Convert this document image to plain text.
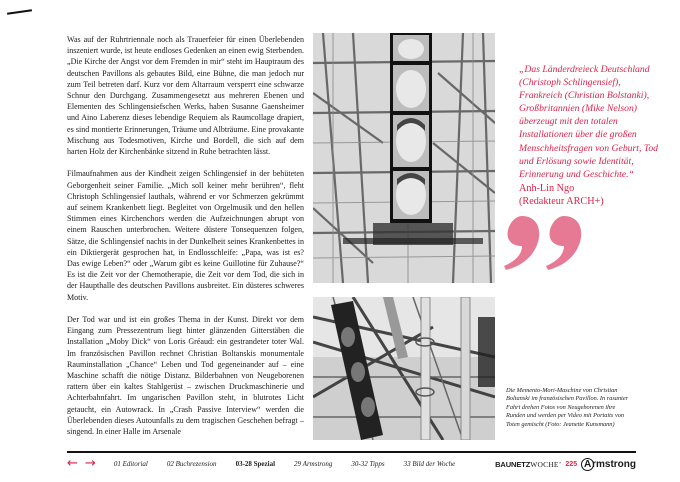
Was auf der Ruhrtriennale noch als Trauerfeier für einen Überlebenden inszeniert wurde, ist heute endloses Gedenken an einen ewig Sterbenden. „Die Kirche der Angst vor dem Fremden in mir“ steht im Hauptraum des deutschen Pavillons als gebautes Bild, eine Bühne, die man jedoch nur zum Teil betreten darf. Kurz vor dem Altarraum versperrt eine schwarze Schnur den Durchgang. Zusammengesetzt aus mehreren Ebenen und Elementen des Schlingensiefschen Werks, haben Susanne Gaensheimer und Aino Laberenz dieses lebendige Requiem als Raumcollage drapiert, es sind montierte Erinnerungen, Träume und Albträume. Eine provakante Mischung aus Todesmotiven, Kirche und Bordell, die sich auf dem harten Holz der Kirchenbänke sitzend in Ruhe betrachten lässt.

Filmaufnahmen aus der Kindheit zeigen Schlingensief in der behüteten Geborgenheit seiner Familie. „Mich soll keiner mehr berühren“, fleht Christoph Schlingensief lauthals, während er vor Schmerzen gekrümmt auf seinem Krankenbett liegt. Begleitet von Orgelmusik und den hellen Stimmen eines Kirchenchors werden die Aufzeichnungen abrupt von einem Rauschen unterbrochen. Weitere düstere Tonsequenzen folgen, Sätze, die Schlingensief nachts in der Dunkelheit seines Krankenbettes in ein Diktiergerät gesprochen hat, in Endlosschleife: „Papa, was ist es? Das ewige Leben?“ oder „Warum gibt es keine Guillotine für Zuhause?“ Es ist die Zeit vor der Chemotherapie, die Zeit vor dem Tod, die sich in der Haupthalle des deutschen Pavillons ausbreitet. Ein düsteres schweres Motiv.

Der Tod war und ist ein großes Thema in der Kunst. Direkt vor dem Eingang zum Pressezentrum liegt hinter glänzenden Gitterstäben die Installation „Moby Dick“ von Loris Gréaud: ein gestrandeter toter Wal. Im französischen Pavillon rechnet Christian Boltanskis monumentale Rauminstallation „Chance“ Leben und Tod gegeneinander auf – eine Maschine schafft die nötige Distanz. Bilderbahnen von Neugeborenen rattern über ein kaltes Stahlgerüst – zwischen Druckmaschinerie und Achterbahnfahrt. Im ungarischen Pavillon steht, in blutrotes Licht getaucht, ein Autowrack. In „Crash Passive Interview“ werden die Überlebenden dieses Autounfalls zu dem tragischen Geschehen befragt – singend. In einer Halle im Arsenale

„Das Länderdreieck Deutschland (Christoph Schlingensief), Frankreich (Christian Bolstanki), Großbritannien (Mike Nelson) überzeugt mit den totalen Installationen über die großen Menschheitsfragen von Geburt, Tod und Erlösung sowie Identität, Erinnerung und Geschichte.“
Anh-Lin Ngo
(Redakteur ARCH+)
Die Memento-Mori-Maschine von Christian Boltanski im französischen Pavillon. In rasanter Fahrt drehen Fotos von Neugeborenen ihre Runden und werden per Video mit Portaits von Toten gemischt (Foto: Jeanette Kunsmann)
← →	01 Editorial	02 Buchrezension	03-28 Spezial	29 Armstrong	30-32 Tipps	33 Bild der Woche	BAUNETZ WOCHE’ 225 A rmstrong
